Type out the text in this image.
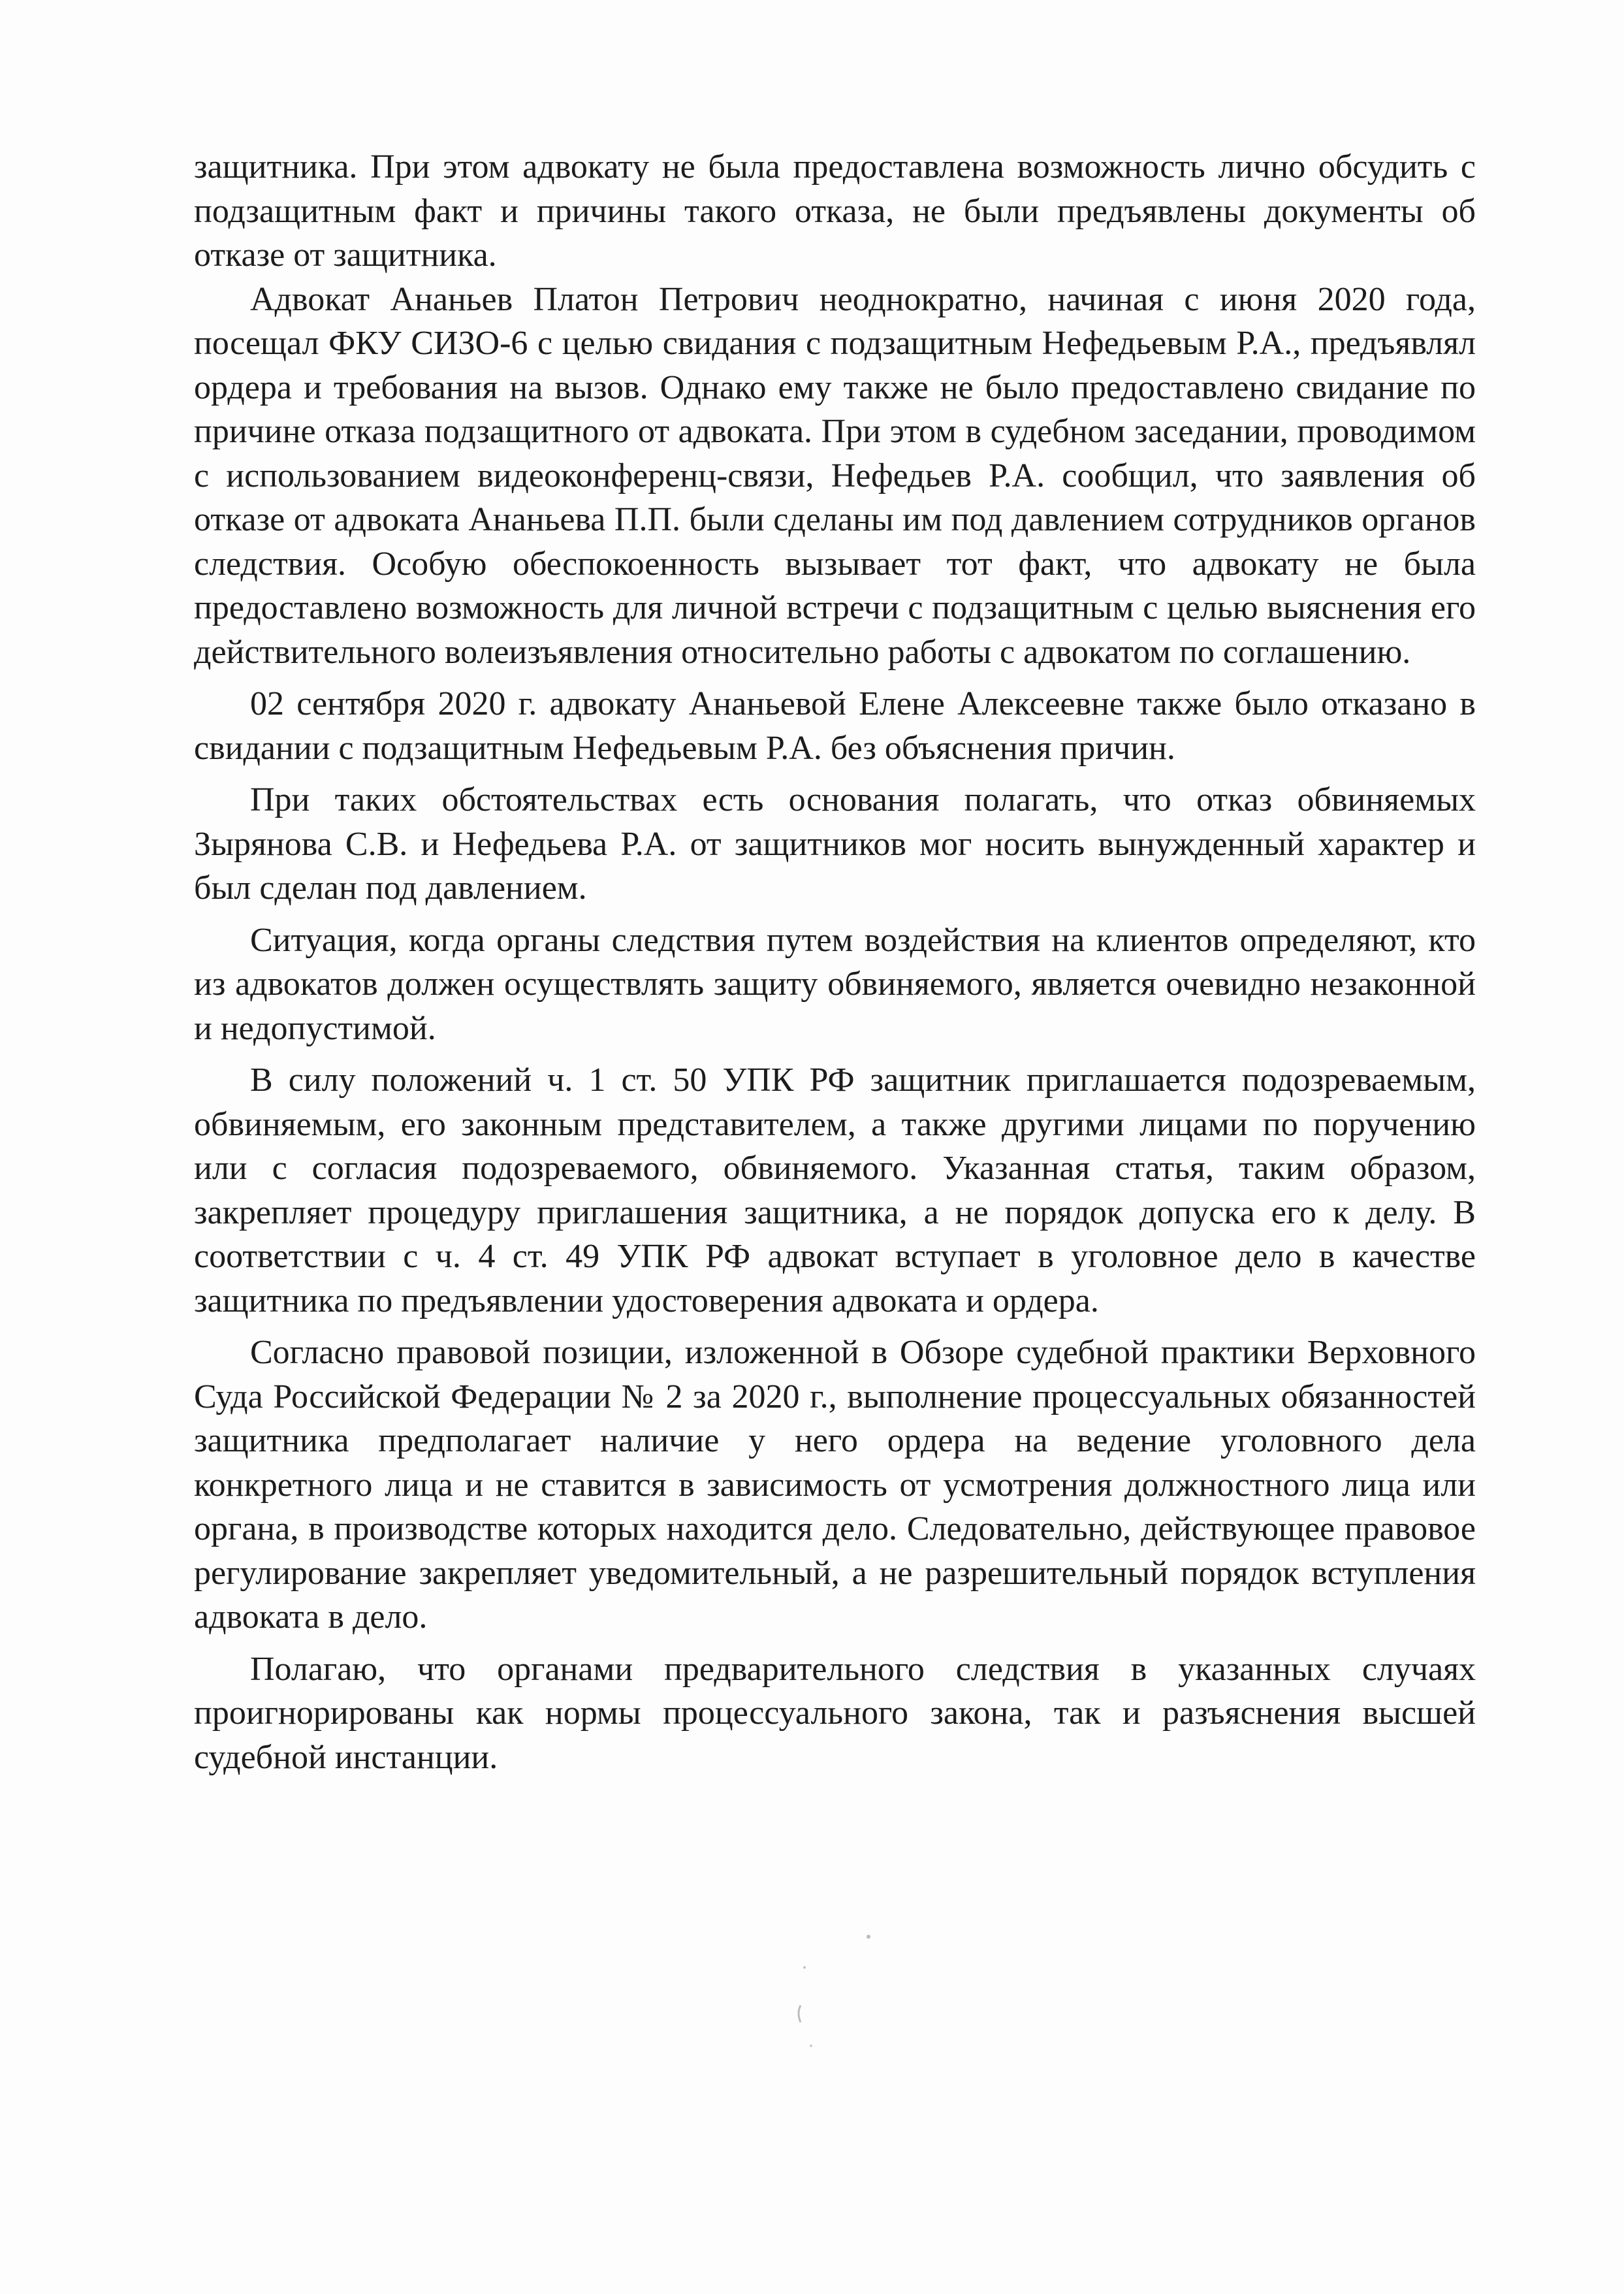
защитника. При этом адвокату не была предоставлена возможность лично обсудить с подзащитным факт и причины такого отказа, не были предъявлены документы об отказе от защитника.

Адвокат Ананьев Платон Петрович неоднократно, начиная с июня 2020 года, посещал ФКУ СИЗО-6 с целью свидания с подзащитным Нефедьевым Р.А., предъявлял ордера и требования на вызов. Однако ему также не было предоставлено свидание по причине отказа подзащитного от адвоката. При этом в судебном заседании, проводимом с использованием видеоконференц-связи, Нефедьев Р.А. сообщил, что заявления об отказе от адвоката Ананьева П.П. были сделаны им под давлением сотрудников органов следствия. Особую обеспокоенность вызывает тот факт, что адвокату не была предоставлено возможность для личной встречи с подзащитным с целью выяснения его действительного волеизъявления относительно работы с адвокатом по соглашению.

02 сентября 2020 г. адвокату Ананьевой Елене Алексеевне также было отказано в свидании с подзащитным Нефедьевым Р.А. без объяснения причин.

При таких обстоятельствах есть основания полагать, что отказ обвиняемых Зырянова С.В. и Нефедьева Р.А. от защитников мог носить вынужденный характер и был сделан под давлением.

Ситуация, когда органы следствия путем воздействия на клиентов определяют, кто из адвокатов должен осуществлять защиту обвиняемого, является очевидно незаконной и недопустимой.

В силу положений ч. 1 ст. 50 УПК РФ защитник приглашается подозреваемым, обвиняемым, его законным представителем, а также другими лицами по поручению или с согласия подозреваемого, обвиняемого. Указанная статья, таким образом, закрепляет процедуру приглашения защитника, а не порядок допуска его к делу. В соответствии с ч. 4 ст. 49 УПК РФ адвокат вступает в уголовное дело в качестве защитника по предъявлении удостоверения адвоката и ордера.

Согласно правовой позиции, изложенной в Обзоре судебной практики Верховного Суда Российской Федерации № 2 за 2020 г., выполнение процессуальных обязанностей защитника предполагает наличие у него ордера на ведение уголовного дела конкретного лица и не ставится в зависимость от усмотрения должностного лица или органа, в производстве которых находится дело. Следовательно, действующее правовое регулирование закрепляет уведомительный, а не разрешительный порядок вступления адвоката в дело.

Полагаю, что органами предварительного следствия в указанных случаях проигнорированы как нормы процессуального закона, так и разъяснения высшей судебной инстанции.
